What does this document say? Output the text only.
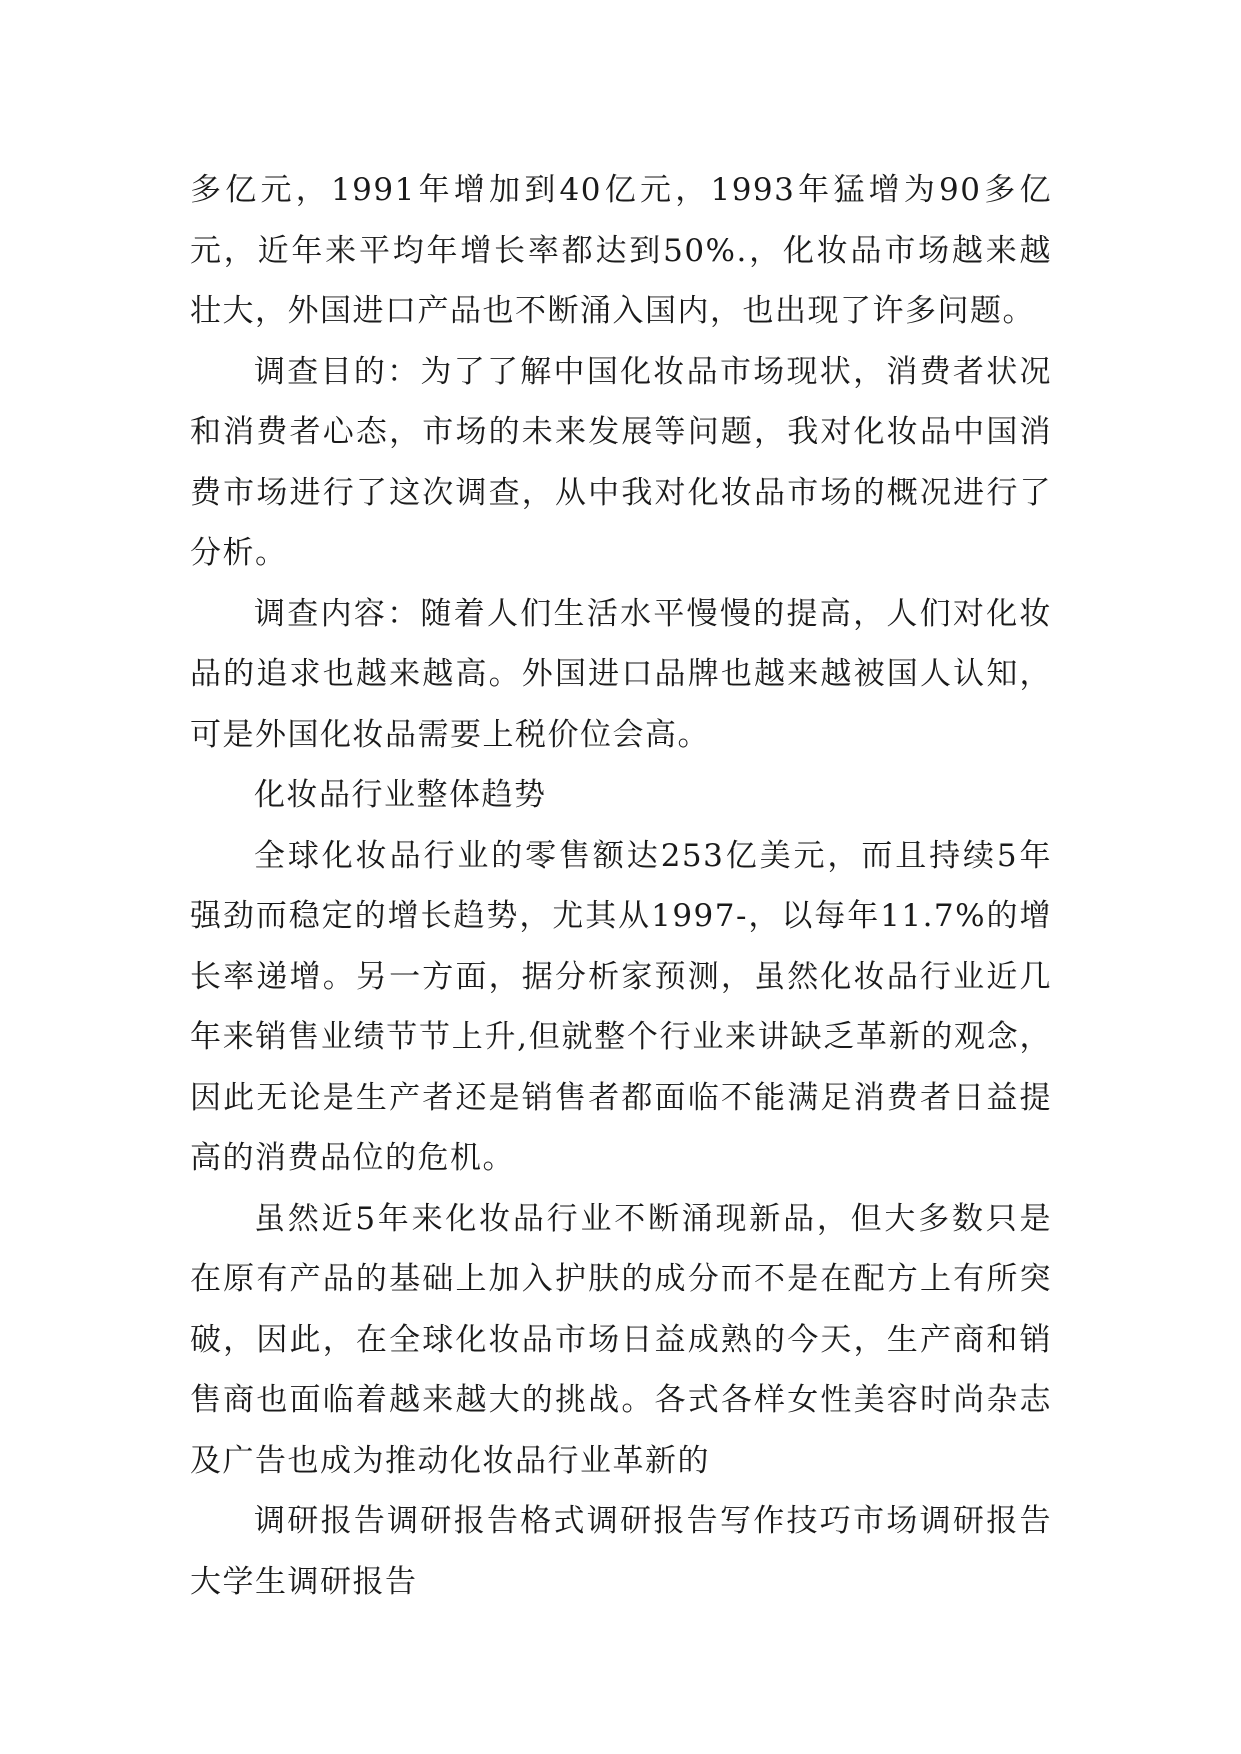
多亿元，1991年增加到40亿元，1993年猛增为90多亿元，近年来平均年增长率都达到50%.，化妆品市场越来越壮大，外国进口产品也不断涌入国内，也出现了许多问题。

调查目的：为了了解中国化妆品市场现状，消费者状况和消费者心态，市场的未来发展等问题，我对化妆品中国消费市场进行了这次调查，从中我对化妆品市场的概况进行了分析。

调查内容：随着人们生活水平慢慢的提高，人们对化妆品的追求也越来越高。外国进口品牌也越来越被国人认知，可是外国化妆品需要上税价位会高。

化妆品行业整体趋势

全球化妆品行业的零售额达253亿美元，而且持续5年强劲而稳定的增长趋势，尤其从1997-，以每年11.7%的增长率递增。另一方面，据分析家预测，虽然化妆品行业近几年来销售业绩节节上升,但就整个行业来讲缺乏革新的观念，因此无论是生产者还是销售者都面临不能满足消费者日益提高的消费品位的危机。

虽然近5年来化妆品行业不断涌现新品，但大多数只是在原有产品的基础上加入护肤的成分而不是在配方上有所突破，因此，在全球化妆品市场日益成熟的今天，生产商和销售商也面临着越来越大的挑战。各式各样女性美容时尚杂志及广告也成为推动化妆品行业革新的

调研报告调研报告格式调研报告写作技巧市场调研报告大学生调研报告
